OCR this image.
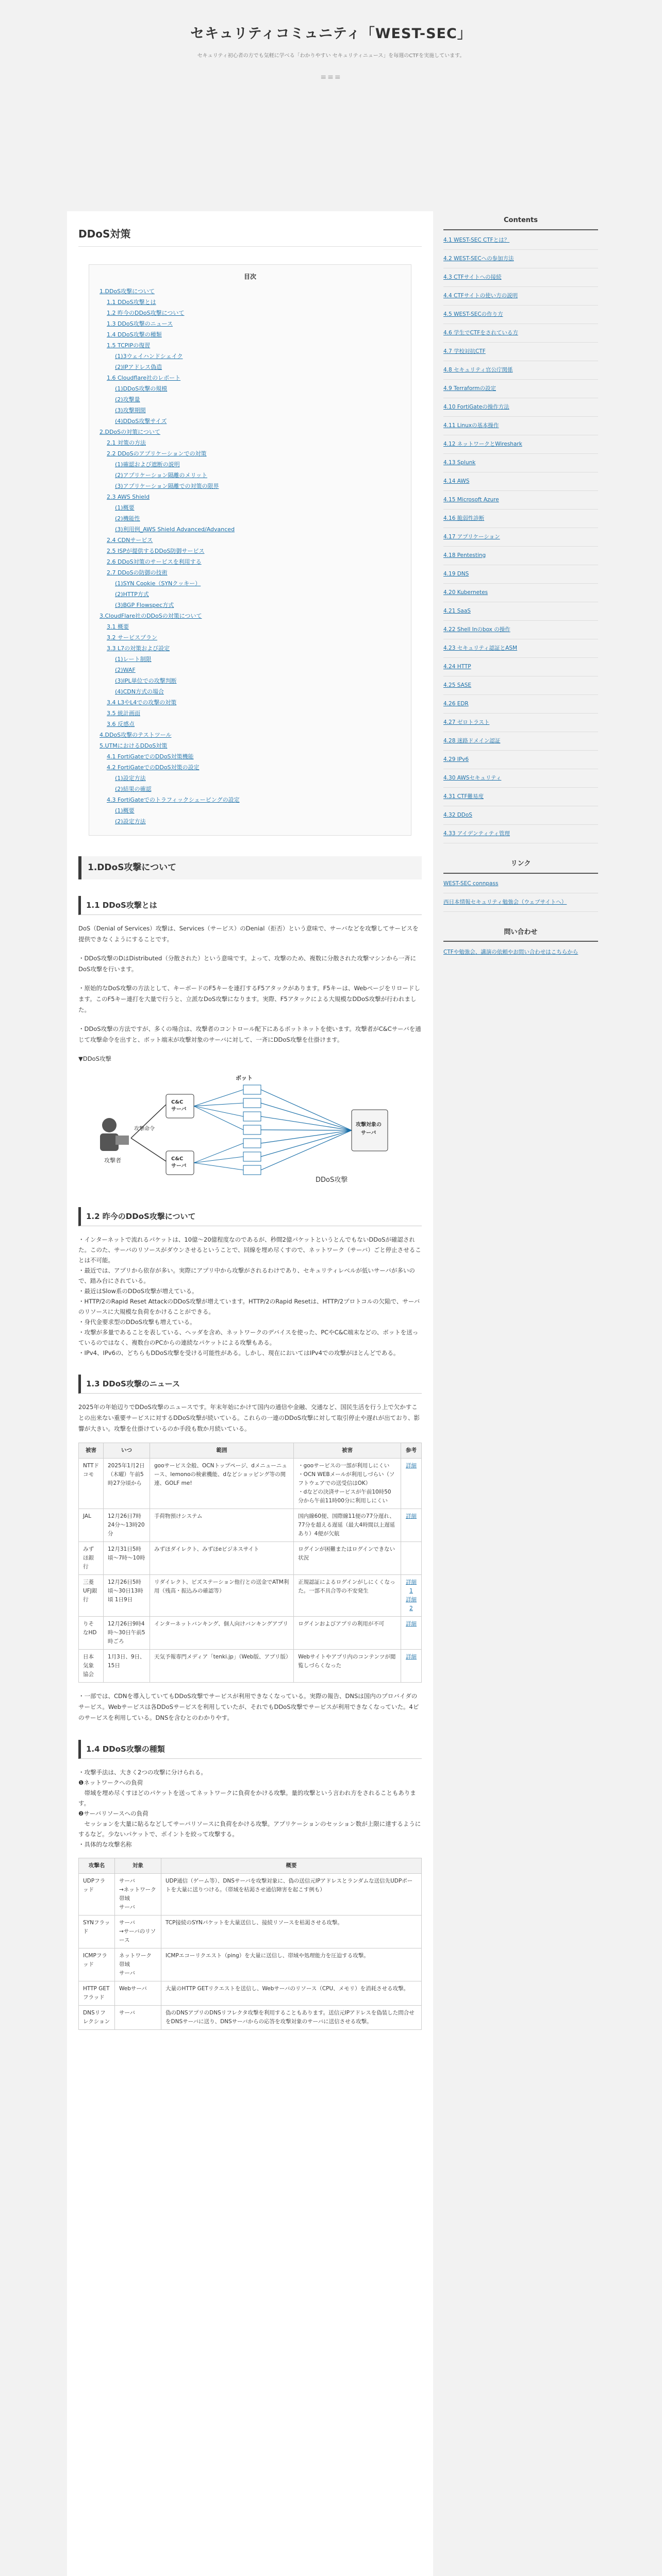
セキュリティコミュニティ「WEST-SEC」
セキュリティ初心者の方でも気軽に学べる「わかりやすい セキュリティニュース」を毎週のCTFを実施しています。
≡≡≡
DDoS対策
目次
1.DDoS攻撃について
1.1 DDoS攻撃とは
1.2 昨今のDDoS攻撃について
1.3 DDoS攻撃のニュース
1.4 DDoS攻撃の種類
1.5 TCPIPの復習
(1)3ウェイハンドシェイク
(2)IPアドレス偽造
1.6 Cloudflare社のレポート
(1)DDoS攻撃の規模
(2)攻撃量
(3)攻撃期間
(4)DDoS攻撃サイズ
2.DDoSの対策について
2.1 対策の方法
2.2 DDoSのアプリケーションでの対策
(1)確認および遮断の説明
(2)アプリケーション隔離のメリット
(3)アプリケーション隔離での対策の限界
2.3 AWS Shield
(1)概要
(2)機能性
(3)利用例_AWS Shield Advanced/Advanced
2.4 CDNサービス
2.5 ISPが提供するDDoS防御サービス
2.6 DDoS対策のサービスを利用する
2.7 DDoSの防御の技術
(1)SYN Cookie（SYNクッキー）
(2)HTTP方式
(3)BGP Flowspec方式
3.CloudFlare社のDDoSの対策について
3.1 概要
3.2 サービスプラン
3.3 L7の対策および設定
(1)レート制限
(2)WAF
(3)IPL単位での攻撃判断
(4)CDN方式の場合
3.4 L3やL4での攻撃の対策
3.5 統計画面
3.6 反感点
4.DDoS攻撃のテストツール
5.UTMにおけるDDoS対策
4.1 FortiGateでのDDoS対策機能
4.2 FortiGateでのDDoS対策の設定
(1)設定方法
(2)結果の確認
4.3 FortiGateでのトラフィックシェーピングの設定
(1)概要
(2)設定方法
1.DDoS攻撃について
1.1 DDoS攻撃とは
DoS（Denial of Services）攻撃は、Services（サービス）のDenial（拒否）という意味で、サーバなどを攻撃してサービスを提供できなくようにすることです。
・DDoS攻撃のDはDistributed（分散された）という意味です。よって、攻撃のため、複数に分散された攻撃マシンから一斉にDoS攻撃を行います。
・原始的なDoS攻撃の方法として、キーボードのF5キーを連打するF5アタックがあります。F5キーは、Webページをリロードします。このF5キー連打を大量で行うと、立派なDoS攻撃になります。実際、F5アタックによる大規模なDDoS攻撃が行われました。
・DDoS攻撃の方法ですが、多くの場合は、攻撃者のコントロール配下にあるボットネットを使います。攻撃者がC&Cサーバを通じて攻撃命令を出すと、ボット端末が攻撃対象のサーバに対して、一斉にDDoS攻撃を仕掛けます。
▼DDoS攻撃
攻撃者
攻撃命令
C&C
サーバ
C&C
サーバ
ボット
攻撃対象の
サーバ
DDoS攻撃
1.2 昨今のDDoS攻撃について
・インターネットで流れるパケットは、10億〜20億程度なのであるが、秒間2億パケットというとんでもないDDoSが確認された。このた、サーバのリソースがダウンさせるということで、回線を埋め尽くすので、ネットワーク（サーバ）ごと停止させることは不可能。
・最近では、アプリから依存が多い。実際にアプリ中から攻撃がされるわけであり、セキュリティレベルが低いサーバが多いので、踏み台にされている。
・最近はSlow系のDDoS攻撃が増えている。
・HTTP/2のRapid Reset AttackのDDoS攻撃が増えています。HTTP/2のRapid Resetは、HTTP/2プロトコルの欠陥で、サーバのリソースに大規模な負荷をかけることができる。
・身代金要求型のDDoS攻撃も増えている。
・攻撃が多量であることを表している、ヘッダを含め、ネットワークのデバイスを使った、PCやC&C端末などの、ボットを送っているのではなく、複数台のPCからの連続なパケットによる攻撃もある。
・IPv4、IPv6の、どちらもDDoS攻撃を受ける可能性がある。しかし、現在においてはIPv4での攻撃がほとんどである。
1.3 DDoS攻撃のニュース
2025年の年始辺りでDDoS攻撃のニュースです。年末年始にかけて国内の通信や金融、交通など、国民生活を行う上で欠かすことの出来ない重要サービスに対するDDoS攻撃が続いている。これらの一連のDDoS攻撃に対して取引停止や遅れが出ており、影響が大きい。攻撃を仕掛けているのか手段も数か月続いている。
被害	いつ	範囲	被害	参考
NTTドコモ	2025年1月2日（木曜）午前5時27分頃から	gooサービス全般、OCNトップページ、dメニューニュース、lemonoの検索機能、dなどショッピング等の関連、GOLF me!	・gooサービスの一部が利用しにくい
・OCN WEBメールが利用しづらい（ソフトウェアでの送受信はOK）
・dなどの決済サービスが午前10時50分から午前11時00分に利用しにくい	詳細
JAL	12月26日7時24分〜13時20分	手荷物預けシステム	国内線60便、国際線11便の77分遅れ、77分を超える遅延（最大4時間以上遅延あり）4便が欠航	詳細
みずほ銀行	12月31日5時頃〜7時〜10時	みずほダイレクト、みずほeビジネスサイト	ログインが困難またはログインできない状況	
三菱UFJ銀行	12月26日5時頃〜30日13時頃 1日9日	リダイレクト、ビズステーション他行との送金でATM利用（残高・振込みの確認等）	正規認証によるログインがしにくくなった。一部不具合等の不安発生	詳細1
詳細2
りそなHD	12月26日9時4時〜30日午前5時ごろ	インターネットバンキング、個人向けバンキングアプリ	ログインおよびアプリの利用が不可	詳細
日本気象協会	1月3日、9日、15日	天気予報専門メディア「tenki.jp」（Web版、アプリ版）	Webサイトやアプリ内のコンテンツが閲覧しづらくなった	詳細
・一部では、CDNを導入していてもDDoS攻撃でサービスが利用できなくなっている。実際の報告、DNSは国内のプロバイダのサービス。Webサービスは各DDoSサービスを利用していたが、それでもDDoS攻撃でサービスが利用できなくなっていた。4ビのサービスを利用している。DNSを含むとのわかりやす。
1.4 DDoS攻撃の種類
・攻撃手法は、大きく2つの攻撃に分けられる。
❶ネットワークへの負荷
　帯域を埋め尽くすほどのパケットを送ってネットワークに負荷をかける攻撃。量的攻撃という言われ方をされることもあります。
❷サーバリソースへの負荷
　セッションを大量に貼るなどしてサーバリソースに負荷をかける攻撃。アプリケーションのセッション数が上限に達するようにするなど。少ないパケットで、ポイントを絞って攻撃する。
・具体的な攻撃名称
攻撃名	対象	概要
UDPフラッド	サーバ
→ネットワーク帯域
サーバ	UDP通信（ゲーム等）、DNSサーバを攻撃対象に、偽の送信元IPアドレスとランダムな送信先UDPポートを大量に送りつける。（帯域を枯渇させ通信障害を起こす例も）
SYNフラッド	サーバ
→サーバのリソース	TCP接続のSYNパケットを大量送信し、接続リソースを枯渇させる攻撃。
ICMPフラッド	ネットワーク帯域
サーバ	ICMPエコーリクエスト（ping）を大量に送信し、帯域や処理能力を圧迫する攻撃。
HTTP GETフラッド	Webサーバ	大量のHTTP GETリクエストを送信し、Webサーバのリソース（CPU、メモリ）を消耗させる攻撃。
DNSリフレクション	サーバ	偽のDNSアプリのDNSリフレクタ攻撃を利用することもあります。送信元IPアドレスを偽装した問合せをDNSサーバに送り、DNSサーバからの応答を攻撃対象のサーバに送信させる攻撃。
Contents
4.1 WEST-SEC CTFとは？
4.2 WEST-SECへの参加方法
4.3 CTFサイトへの接続
4.4 CTFサイトの使い方の説明
4.5 WEST-SECの作り方
4.6 学生でCTFをされている方
4.7 学校対抗CTF
4.8 セキュリティ官公庁関係
4.9 Terraformの設定
4.10 FortiGateの操作方法
4.11 Linuxの基本操作
4.12 ネットワークとWireshark
4.13 Splunk
4.14 AWS
4.15 Microsoft Azure
4.16 脆弱性診断
4.17 アプリケーション
4.18 Pentesting
4.19 DNS
4.20 Kubernetes
4.21 SaaS
4.22 Shell Inのbox の操作
4.23 セキュリティ認証とASM
4.24 HTTP
4.25 SASE
4.26 EDR
4.27 ゼロトラスト
4.28 迷路ドメイン認証
4.29 IPv6
4.30 AWSセキュリティ
4.31 CTF難易度
4.32 DDoS
4.33 アイデンティティ管理
リンク
WEST-SEC connpass
西日本情報セキュリティ勉強会（ウェブサイトへ）
問い合わせ
CTFや勉強会、講演の依頼やお問い合わせはこちらから
